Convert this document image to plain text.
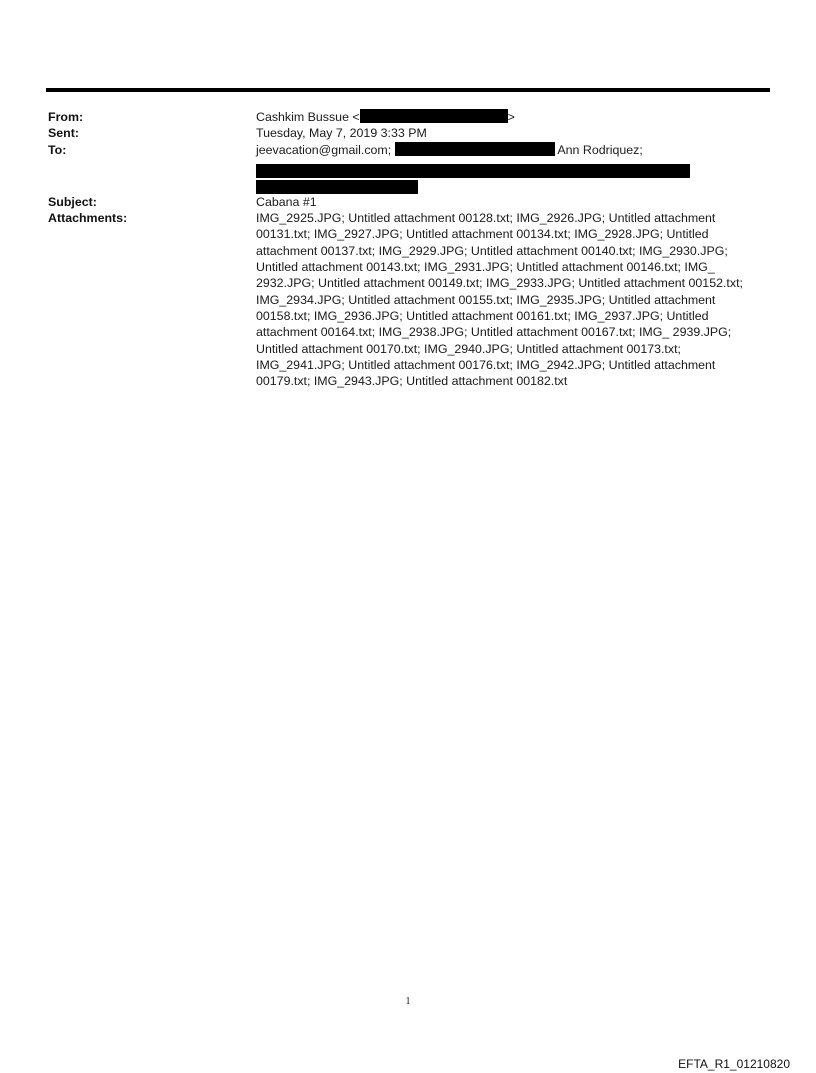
From:	Cashkim Bussue <	>
Sent:	Tuesday, May 7, 2019 3:33 PM
To:	jeevacation@gmail.com;	Ann Rodriquez;
Subject:	Cabana #1
Attachments:	IMG_2925.JPG; Untitled attachment 00128.txt; IMG_2926.JPG; Untitled attachment 00131.txt; IMG_2927.JPG; Untitled attachment 00134.txt; IMG_2928.JPG; Untitled attachment 00137.txt; IMG_2929.JPG; Untitled attachment 00140.txt; IMG_2930.JPG; Untitled attachment 00143.txt; IMG_2931.JPG; Untitled attachment 00146.txt; IMG_ 2932.JPG; Untitled attachment 00149.txt; IMG_2933.JPG; Untitled attachment 00152.txt; IMG_2934.JPG; Untitled attachment 00155.txt; IMG_2935.JPG; Untitled attachment 00158.txt; IMG_2936.JPG; Untitled attachment 00161.txt; IMG_2937.JPG; Untitled attachment 00164.txt; IMG_2938.JPG; Untitled attachment 00167.txt; IMG_ 2939.JPG; Untitled attachment 00170.txt; IMG_2940.JPG; Untitled attachment 00173.txt; IMG_2941.JPG; Untitled attachment 00176.txt; IMG_2942.JPG; Untitled attachment 00179.txt; IMG_2943.JPG; Untitled attachment 00182.txt
1
EFTA_R1_01210820
